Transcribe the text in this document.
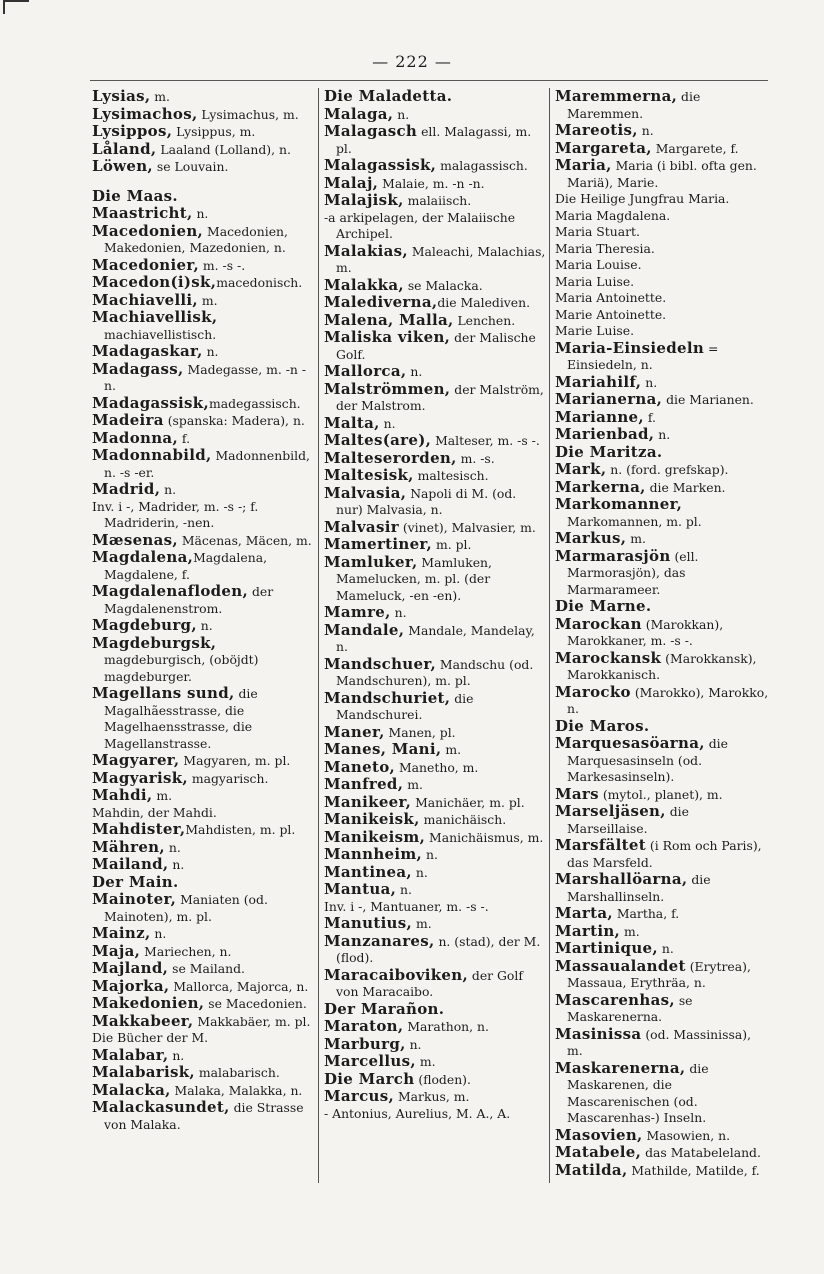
— 222 —
Lysias, m.
Lysimachos, Lysimachus, m.
Lysippos, Lysippus, m.
Låland, Laaland (Lolland), n.
Löwen, se Louvain.
Die Maas.
Maastricht, n.
Macedonien, Macedonien, Makedonien, Mazedonien, n.
Macedonier, m. -s -.
Macedon(i)sk,macedonisch.
Machiavelli, m.
Machiavellisk, machiavellistisch.
Madagaskar, n.
Madagass, Madegasse, m. -n -n.
Madagassisk,madegassisch.
Madeira (spanska: Madera), n.
Madonna, f.
Madonnabild, Madonnenbild, n. -s -er.
Madrid, n.
Inv. i -, Madrider, m. -s -; f. Madriderin, -nen.
Mæsenas, Mäcenas, Mäcen, m.
Magdalena,Magdalena, Magdalene, f.
Magdalenafloden, der Magdalenenstrom.
Magdeburg, n.
Magdeburgsk, magdeburgisch, (oböjdt) magdeburger.
Magellans sund, die Magalhãesstrasse, die Magelhaensstrasse, die Magellanstrasse.
Magyarer, Magyaren, m. pl.
Magyarisk, magyarisch.
Mahdi, m.
Mahdin, der Mahdi.
Mahdister,Mahdisten, m. pl.
Mähren, n.
Mailand, n.
Der Main.
Mainoter, Maniaten (od. Mainoten), m. pl.
Mainz, n.
Maja, Mariechen, n.
Majland, se Mailand.
Majorka, Mallorca, Majorca, n.
Makedonien, se Macedonien.
Makkabeer, Makkabäer, m. pl.
Die Bücher der M.
Malabar, n.
Malabarisk, malabarisch.
Malacka, Malaka, Malakka, n.
Malackasundet, die Strasse von Malaka.
Die Maladetta.
Malaga, n.
Malagasch ell. Malagassi, m. pl.
Malagassisk, malagassisch.
Malaj, Malaie, m. -n -n.
Malajisk, malaiisch.
-a arkipelagen, der Malaiische Archipel.
Malakias, Maleachi, Malachias, m.
Malakka, se Malacka.
Malediverna,die Malediven.
Malena, Malla, Lenchen.
Maliska viken, der Malische Golf.
Mallorca, n.
Malströmmen, der Malström, der Malstrom.
Malta, n.
Maltes(are), Malteser, m. -s -.
Malteserorden, m. -s.
Maltesisk, maltesisch.
Malvasia, Napoli di M. (od. nur) Malvasia, n.
Malvasir (vinet), Malvasier, m.
Mamertiner, m. pl.
Mamluker, Mamluken, Mamelucken, m. pl. (der Mameluck, -en -en).
Mamre, n.
Mandale, Mandale, Mandelay, n.
Mandschuer, Mandschu (od. Mandschuren), m. pl.
Mandschuriet, die Mandschurei.
Maner, Manen, pl.
Manes, Mani, m.
Maneto, Manetho, m.
Manfred, m.
Manikeer, Manichäer, m. pl.
Manikeisk, manichäisch.
Manikeism, Manichäismus, m.
Mannheim, n.
Mantinea, n.
Mantua, n.
Inv. i -, Mantuaner, m. -s -.
Manutius, m.
Manzanares, n. (stad), der M. (flod).
Maracaiboviken, der Golf von Maracaibo.
Der Marañon.
Maraton, Marathon, n.
Marburg, n.
Marcellus, m.
Die March (floden).
Marcus, Markus, m.
- Antonius, Aurelius, M. A., A.
Maremmerna, die Maremmen.
Mareotis, n.
Margareta, Margarete, f.
Maria, Maria (i bibl. ofta gen. Mariä), Marie.
Die Heilige Jungfrau Maria.
Maria Magdalena.
Maria Stuart.
Maria Theresia.
Maria Louise.
Maria Luise.
Maria Antoinette.
Marie Antoinette.
Marie Luise.
Maria-Einsiedeln = Einsiedeln, n.
Mariahilf, n.
Marianerna, die Marianen.
Marianne, f.
Marienbad, n.
Die Maritza.
Mark, n. (ford. grefskap).
Markerna, die Marken.
Markomanner, Markomannen, m. pl.
Markus, m.
Marmarasjön (ell. Marmorasjön), das Marmarameer.
Die Marne.
Marockan (Marokkan), Marokkaner, m. -s -.
Marockansk (Marokkansk), Marokkanisch.
Marocko (Marokko), Marokko, n.
Die Maros.
Marquesasöarna, die Marquesasinseln (od. Markesasinseln).
Mars (mytol., planet), m.
Marseljäsen, die Marseillaise.
Marsfältet (i Rom och Paris), das Marsfeld.
Marshallöarna, die Marshallinseln.
Marta, Martha, f.
Martin, m.
Martinique, n.
Massaualandet (Erytrea), Massaua, Erythräa, n.
Mascarenhas, se Maskarenerna.
Masinissa (od. Massinissa), m.
Maskarenerna, die Maskarenen, die Mascarenischen (od. Mascarenhas-) Inseln.
Masovien, Masowien, n.
Matabele, das Matabeleland.
Matilda, Mathilde, Matilde, f.
